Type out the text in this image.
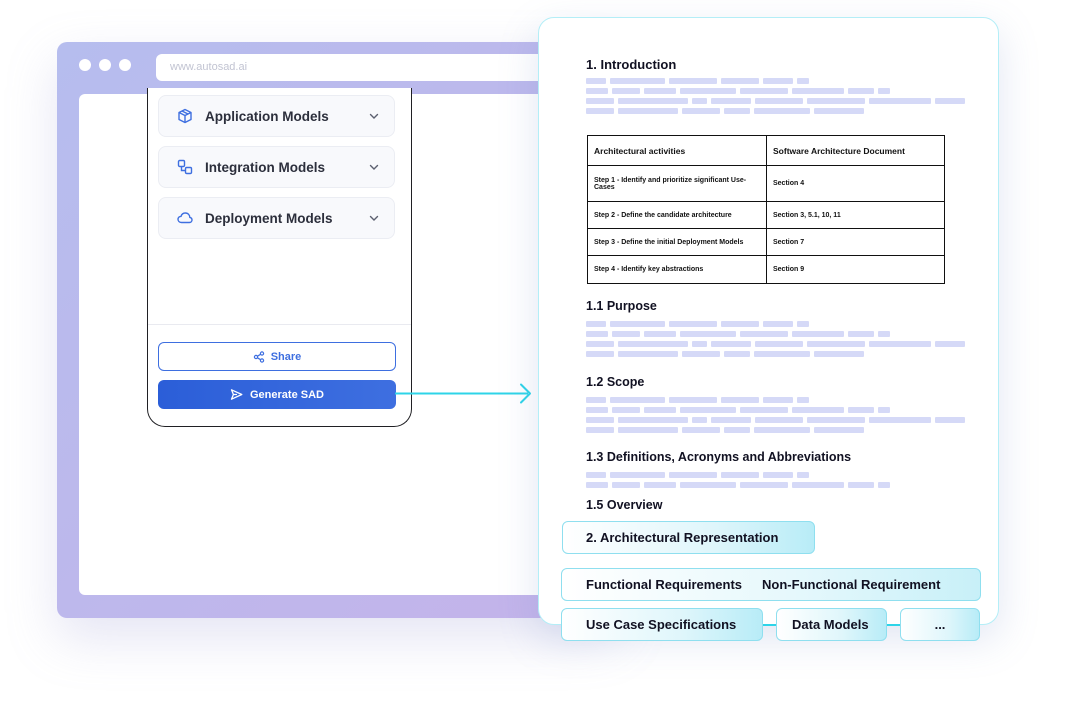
www.autosad.ai
Application Models
Integration Models
Deployment Models
Share
Generate SAD
1. Introduction
Architectural activities	Software Architecture Document
Step 1 - Identify and prioritize significant Use-Cases	Section 4
Step 2 - Define the candidate architecture	Section 3, 5.1, 10, 11
Step 3 - Define the initial Deployment Models	Section 7
Step 4 - Identify key abstractions	Section 9
1.1 Purpose
1.2 Scope
1.3 Definitions, Acronyms and Abbreviations
1.5 Overview
2. Architectural Representation
Functional Requirements Non-Functional Requirement
Use Case Specifications	Data Models	...
